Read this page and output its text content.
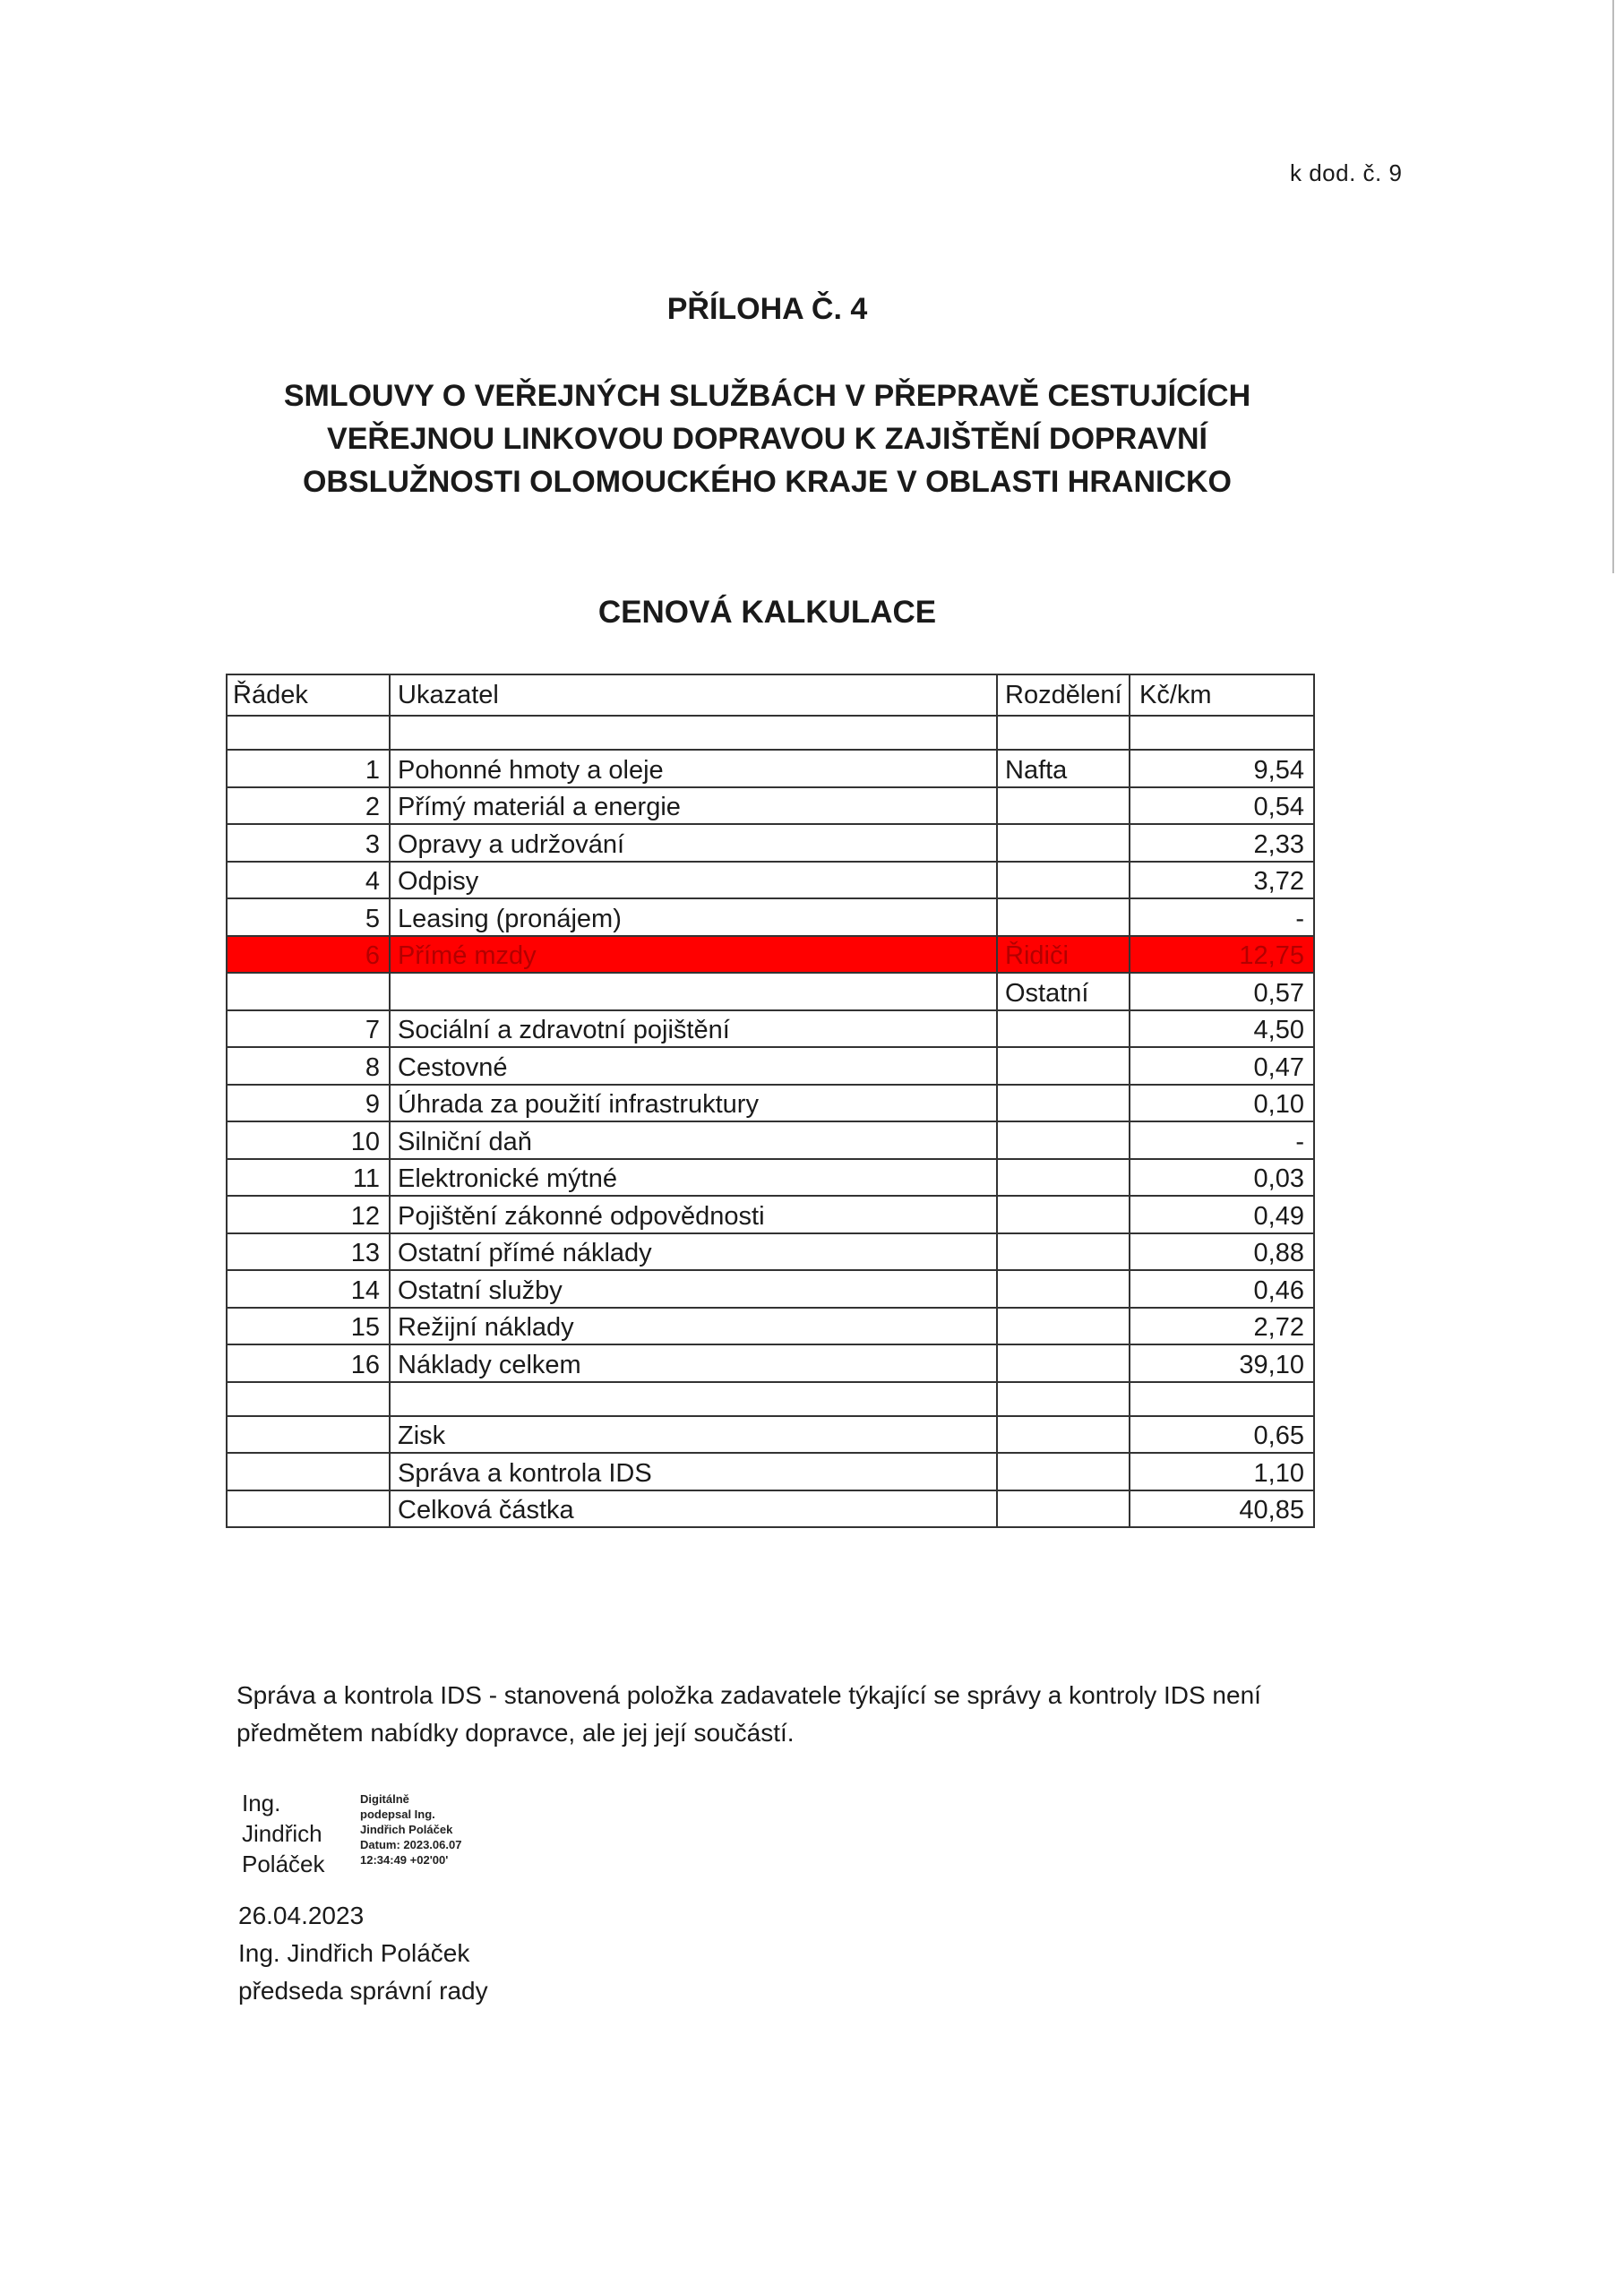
k dod. č. 9
PŘÍLOHA Č. 4
SMLOUVY O VEŘEJNÝCH SLUŽBÁCH V PŘEPRAVĚ CESTUJÍCÍCH
VEŘEJNOU LINKOVOU DOPRAVOU K ZAJIŠTĚNÍ DOPRAVNÍ
OBSLUŽNOSTI OLOMOUCKÉHO KRAJE V OBLASTI HRANICKO
CENOVÁ KALKULACE
Řádek	Ukazatel	Rozdělení	Kč/km

1	Pohonné hmoty a oleje	Nafta	9,54
2	Přímý materiál a energie		0,54
3	Opravy a udržování		2,33
4	Odpisy		3,72
5	Leasing (pronájem)		-
6	Přímé mzdy	Řidiči	12,75
		Ostatní	0,57
7	Sociální a zdravotní pojištění		4,50
8	Cestovné		0,47
9	Úhrada za použití infrastruktury		0,10
10	Silniční daň		-
11	Elektronické mýtné		0,03
12	Pojištění zákonné odpovědnosti		0,49
13	Ostatní přímé náklady		0,88
14	Ostatní služby		0,46
15	Režijní náklady		2,72
16	Náklady celkem		39,10

	Zisk		0,65
	Správa a kontrola IDS		1,10
	Celková částka		40,85
Správa a kontrola IDS - stanovená položka zadavatele týkající se správy a kontroly IDS není předmětem nabídky dopravce, ale jej její součástí.
Ing.
Jindřich
Poláček
Digitálně
podepsal Ing.
Jindřich Poláček
Datum: 2023.06.07
12:34:49 +02'00'
26.04.2023
Ing. Jindřich Poláček
předseda správní rady
